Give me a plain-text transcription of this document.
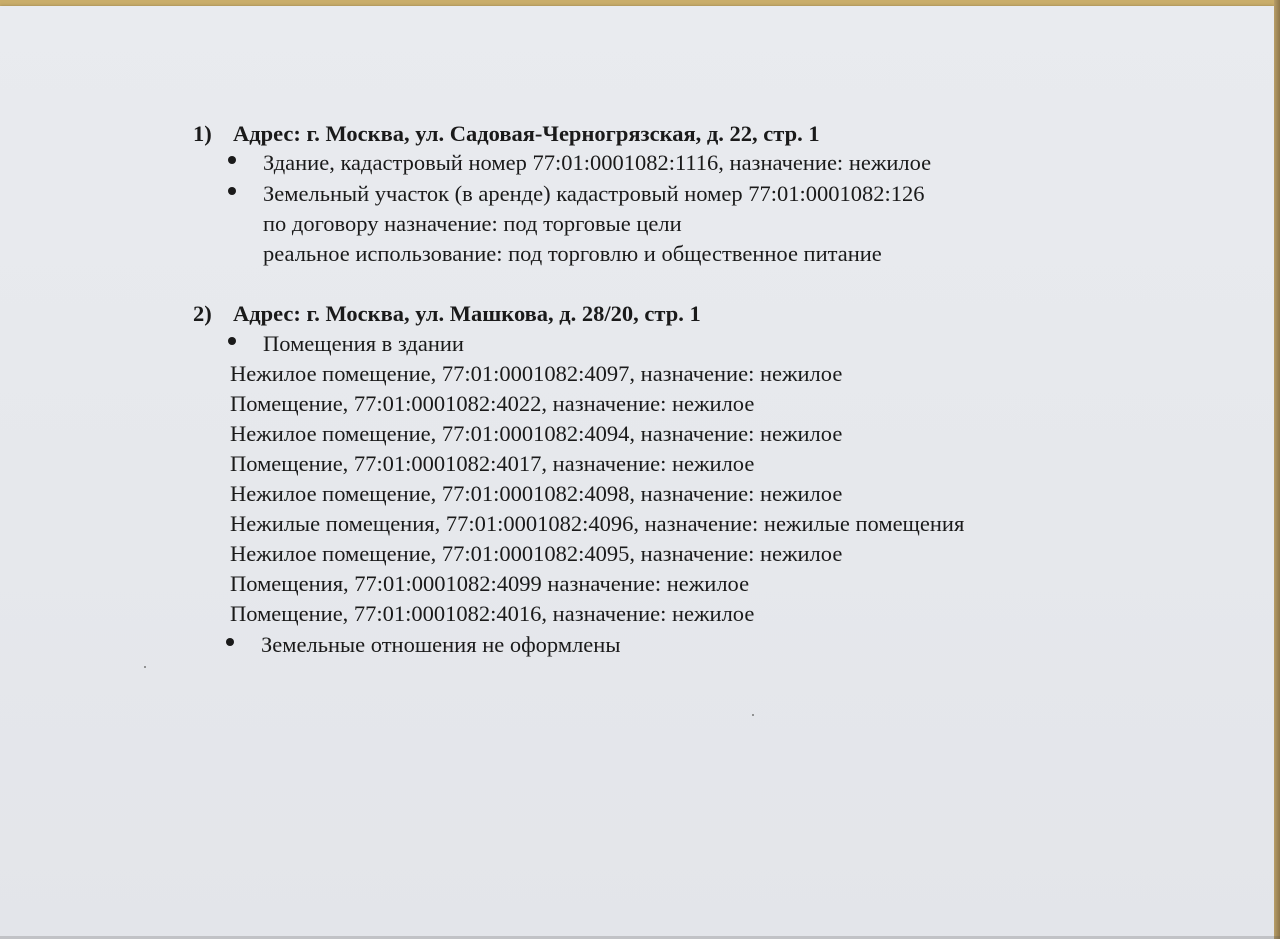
1) Адрес: г. Москва, ул. Садовая-Черногрязская, д. 22, стр. 1
Здание, кадастровый номер 77:01:0001082:1116, назначение: нежилое
Земельный участок (в аренде) кадастровый номер 77:01:0001082:126
по договору назначение: под торговые цели
реальное использование: под торговлю и общественное питание
2) Адрес: г. Москва, ул. Машкова, д. 28/20, стр. 1
Помещения в здании
Нежилое помещение, 77:01:0001082:4097, назначение: нежилое
Помещение, 77:01:0001082:4022, назначение: нежилое
Нежилое помещение, 77:01:0001082:4094, назначение: нежилое
Помещение, 77:01:0001082:4017, назначение: нежилое
Нежилое помещение, 77:01:0001082:4098, назначение: нежилое
Нежилые помещения, 77:01:0001082:4096, назначение: нежилые помещения
Нежилое помещение, 77:01:0001082:4095, назначение: нежилое
Помещения, 77:01:0001082:4099 назначение: нежилое
Помещение, 77:01:0001082:4016, назначение: нежилое
Земельные отношения не оформлены
